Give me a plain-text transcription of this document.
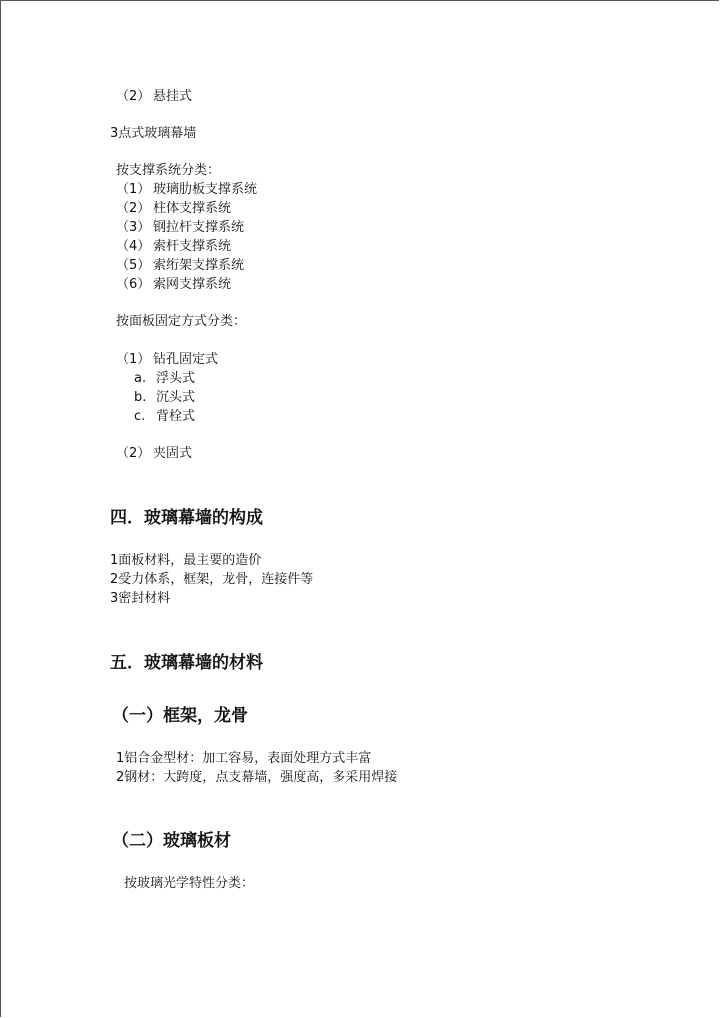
（2） 悬挂式
3点式玻璃幕墙
按支撑系统分类：
（1） 玻璃肋板支撑系统
（2） 柱体支撑系统
（3） 钢拉杆支撑系统
（4） 索杆支撑系统
（5） 索绗架支撑系统
（6） 索网支撑系统
按面板固定方式分类：
（1） 钻孔固定式
a. 浮头式
b. 沉头式
c. 背栓式
（2） 夹固式
四．玻璃幕墙的构成
1面板材料，最主要的造价
2受力体系，框架，龙骨，连接件等
3密封材料
五．玻璃幕墙的材料
（一）框架，龙骨
1铝合金型材：加工容易，表面处理方式丰富
2钢材：大跨度，点支幕墙，强度高，多采用焊接
（二）玻璃板材
按玻璃光学特性分类：
